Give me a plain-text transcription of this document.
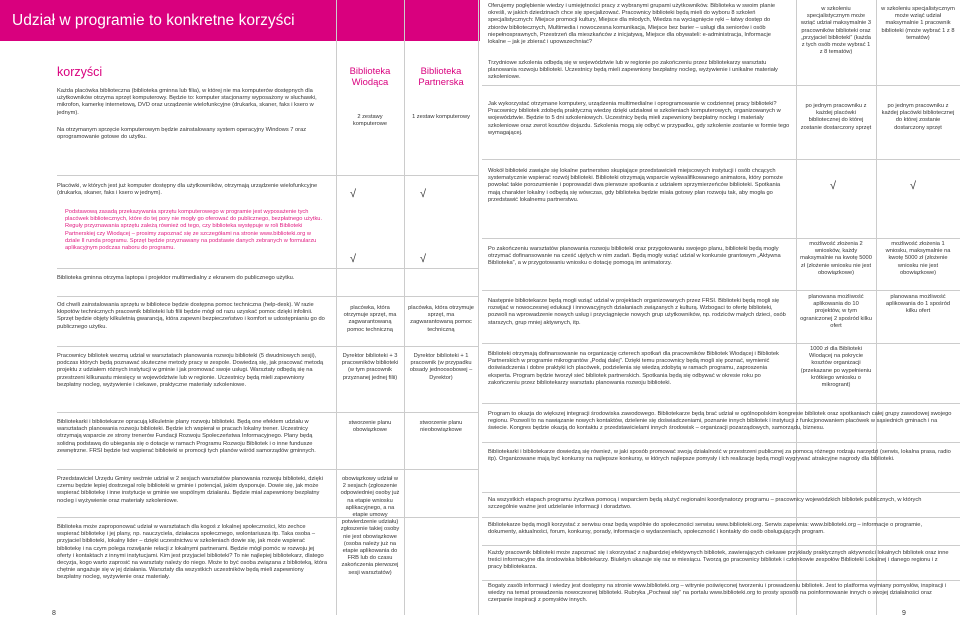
Udział w programie to konkretne korzyści
korzyści

Każda placówka biblioteczna (biblioteka gminna lub filia), w której nie ma komputerów dostępnych dla użytkowników otrzyma sprzęt komputerowy. Będzie to: komputer stacjonarny wyposażony w słuchawki, mikrofon, kamerkę internetową, DVD oraz urządzenie wielofunkcyjne (drukarka, skaner, faks i ksero w jednym).

Na otrzymanym sprzęcie komputerowym będzie zainstalowany system operacyjny Windows 7 oraz oprogramowanie gotowe do użytku.

Placówki, w których jest już komputer dostępny dla użytkowników, otrzymają urządzenie wielofunkcyjne (drukarka, skaner, faks i ksero w jednym).

Podstawową zasadą przekazywania sprzętu komputerowego w programie jest wyposażenie tych placówek bibliotecznych, które do tej pory nie mogły go oferować do publicznego, bezpłatnego użytku. Reguły przyznawania sprzętu zależą również od tego, czy biblioteka występuje w roli Biblioteki Partnerskiej czy Wiodącej – prosimy zapoznać się ze szczegółami na stronie www.biblioteki.org w dziale II runda programu. Sprzęt będzie przyznawany na podstawie danych zebranych w formularzu aplikacyjnym podczas naboru do programu.

Biblioteka gminna otrzyma laptopa i projektor multimedialny z ekranem do publicznego użytku.

Od chwili zainstalowania sprzętu w bibliotece będzie dostępna pomoc techniczna (help-desk). W razie kłopotów technicznych pracownik biblioteki lub filii będzie mógł od razu uzyskać pomoc dzięki infolinii. Sprzęt będzie objęty kilkuletnią gwarancją, która zapewni bezpieczeństwo i komfort w udostępnianiu go do publicznego użytku.

Pracownicy bibliotek wezmą udział w warsztatach planowania rozwoju biblioteki (5 dwudniowych sesji), podczas których będą poznawać skuteczne metody pracy w zespole. Dowiedzą się, jak pracować metodą projektu z udziałem różnych instytucji w gminie i jak promować swoje usługi. Warsztaty odbędą się na przestrzeni kilkunastu miesięcy w województwie lub w regionie. Uczestnicy będą mieli zapewniony bezpłatny nocleg, wyżywienie i ciekawe, praktyczne materiały szkoleniowe.

Bibliotekarki i bibliotekarze opracują kilkuletnie plany rozwoju biblioteki. Będą one efektem udziału w warsztatach planowania rozwoju biblioteki. Będzie ich wspierał w pracach lokalny trener. Uczestnicy otrzymają wsparcie ze strony trenerów Fundacji Rozwoju Społeczeństwa Informacyjnego. Plany będą solidną podstawą do ubiegania się o dotacje w ramach Programu Rozwoju Bibliotek i o inne fundusze zewnętrzne. FRSI będzie też wspierać biblioteki w promocji tych planów wśród samorządów gminnych.

Przedstawiciel Urzędu Gminy weźmie udział w 2 sesjach warsztatów planowania rozwoju biblioteki, dzięki czemu będzie lepiej dostrzegał rolę biblioteki w gminie i potencjał, jakim dysponuje. Dowie się, jak może wspierać bibliotekę i inne instytucje w gminie we wspólnym działaniu. Będzie miał zapewniony bezpłatny nocleg i wyżywienie oraz materiały szkoleniowe.

Biblioteka może zaproponować udział w warsztatach dla kogoś z lokalnej społeczności, kto zechce wspierać bibliotekę i jej plany, np. nauczyciela, działacza społecznego, wolontariusza itp. Taka osoba – przyjaciel biblioteki, lokalny lider – dzięki uczestnictwu w szkoleniach dowie się, jak może wspierać bibliotekę i na czym polega rozwijanie relacji z lokalnymi partnerami. Będzie mógł pomóc w rozwoju jej oferty i kontaktach z innymi instytucjami. Kim jest przyjaciel biblioteki? To nie najlepiej bibliotekarz, dlatego decyzja, kogo warto zaprosić na warsztaty należy do niego. Może to być osoba związana z biblioteką, która chętnie angażuje się w jej działania. Warsztaty dla wszystkich uczestników będą mieli zapewniony bezpłatny nocleg, wyżywienie oraz materiały.

Biblioteka Wiodąca
Biblioteka Partnerska

2 zestawy komputerowe

√
√

placówka, która otrzymuje sprzęt, ma zagwarantowaną pomoc techniczną

Dyrektor biblioteki + 3 pracowników biblioteki (w tym pracownik przyznanej jednej filii)

stworzenie planu obowiązkowe

obowiązkowy udział w 2 sesjach (zgłoszenie odpowiedniej osoby już na etapie wniosku aplikacyjnego, a na etapie umowy potwierdzenie udziału) zgłoszenie takiej osoby nie jest obowiązkowe (osoba należy już na etapie aplikowania do FRB lub do czasu zakończenia pierwszej sesji warsztatów)

1 zestaw komputerowy

√
√

placówka, która otrzymuje sprzęt, ma zagwarantowaną pomoc techniczną

Dyrektor biblioteki + 1 pracownik (w przypadku obsady jednoosobowej – Dyrektor)

stworzenie planu nieobowiązkowe

Oferujemy pogłębienie wiedzy i umiejętności pracy z wybranymi grupami użytkowników. Biblioteka w swoim planie określi, w jakich dziedzinach chce się specjalizować. Pracownicy biblioteki będą mieli do wyboru 8 szkoleń specjalistycznych: Miejsce promocji kultury, Miejsce dla młodych, Wiedza na wyciągnięcie ręki – łatwy dostęp do zbiorów bibliotecznych, Multimedia i nowoczesna komunikacja, Miejsce bez barier – usługi dla seniorów i osób niepełnosprawnych, Przestrzeń dla mieszkańców z inicjatywą, Miejsce dla obywateli: e-administracja, Informacje lokalne – jak je zbierać i upowszechniać?

Trzydniowe szkolenia odbędą się w województwie lub w regionie po zakończeniu przez bibliotekarzy warsztatu planowania rozwoju biblioteki. Uczestnicy będą mieli zapewniony bezpłatny nocleg, wyżywienie i unikalne materiały szkoleniowe.

Jak wykorzystać otrzymane komputery, urządzenia multimedialne i oprogramowanie w codziennej pracy biblioteki? Pracownicy bibliotek zdobędą praktyczną wiedzę dzięki udziałowi w szkoleniach komputerowych, organizowanych w województwie. Będzie to 5 dni szkoleniowych. Uczestnicy będą mieli zapewniony bezpłatny nocleg i materiały szkoleniowe oraz zwrot kosztów dojazdu. Szkolenia mogą się odbyć w przypadku, gdy szkolenie zostanie w formie tego wymagającej.

Wokół biblioteki zawiąże się lokalne partnerstwo skupiające przedstawicieli miejscowych instytucji i osób chcących systematycznie wspierać rozwój biblioteki. Biblioteki otrzymają wsparcie wykwalifikowanego animatora, który pomoże powołać takie porozumienie i poprowadzi dwa pierwsze spotkania z udziałem sprzymierzeńców biblioteki. Spotkania mają charakter lokalny i odbędą się wówczas, gdy biblioteka będzie miała gotowy plan rozwoju tak, aby mogła go przedstawić lokalnemu partnerstwu.

Po zakończeniu warsztatów planowania rozwoju biblioteki oraz przygotowaniu swojego planu, biblioteki będą mogły otrzymać dofinansowanie na cześć ujętych w nim zadań. Będą mogły wziąć udział w konkursie grantowym „Aktywna Biblioteka”, a w przygotowaniu wniosku o dotację pomogą im animatorzy.

Następnie bibliotekarze będą mogli wziąć udział w projektach organizowanych przez FRSI. Biblioteki będą mogli się rozwijać w nowoczesnej edukacji i innowacyjnych działaniach związanych z kulturą. Wzbogaci to ofertę biblioteki, pozwoli na wprowadzenie nowych usług i przyciągnięcie nowych grup użytkowników, np. rodziców małych dzieci, osób starszych, grup mniej aktywnych, itp.

Biblioteki otrzymają dofinansowanie na organizację czterech spotkań dla pracowników Bibliotek Wiodącej i Bibliotek Partnerskich w programie mikrograntów „Podaj dalej”. Dzięki temu pracownicy będą mogli się poznać, wymienić doświadczenia i dobre praktyki ich placówek, podzielenia się wiedzą zdobytą w ramach programu, zaproszenia eksperta. Program będzie tworzył sieć bibliotek partnerskich. Spotkania będą się odbywać w okresie roku po zakończeniu przez bibliotekarzy warsztatu planowania rozwoju biblioteki.

Program to okazja do większej integracji środowiska zawodowego. Bibliotekarze będą brać udział w ogólnopolskim kongresie bibliotek oraz spotkaniach całej grupy zawodowej swojego regionu. Pozwoli to na nawiązanie nowych kontaktów, dzielenie się doświadczeniami, poznanie innych bibliotek i instytucji z funkcjonowaniem placówek w sąsiednich gminach i na świecie. Kongres będzie okazją do kontaktu z przedstawicielami innych środowisk – organizacji pozarządowych, samorządu, biznesu.

Bibliotekarki i bibliotekarze dowiedzą się również, w jaki sposób promować swoją działalność w przestrzeni publicznej za pomocą różnego rodzaju narzędzi (serwis, lokalna prasa, radio itp). Organizowane mają być konkursy na najlepsze konkursy, w których najlepsze pomysły i ich realizację będą mogli wygrywać atrakcyjne nagrody dla biblioteki.

Na wszystkich etapach programu życzliwa pomocą i wsparciem będą służyć regionalni koordynatorzy programu – pracownicy wojewódzkich bibliotek publicznych, w których szczególnie ważne jest udzielanie informacji i doradztwo.

Bibliotekarze będą mogli korzystać z serwisu oraz będą wspólnie do społeczności serwisu www.biblioteki.org. Serwis zapewnia: www.biblioteki.org – informacje o programie, dokumenty, aktualności, forum, konkursy, porady, informacje o wydarzeniach, społeczność i kontakty do osób obsługujących program.

Każdy pracownik biblioteki może zapoznać się i skorzystać z najbardziej efektywnych bibliotek, zawierających ciekawe przykłady praktycznych aktywności lokalnych bibliotek oraz inne treści informacyjne dla środowiska bibliotekarzy. Biuletyn ukazuje się raz w miesiącu. Tworzą go pracownicy bibliotek i członkowie zespołów Biblioteki Lokalnej i danego regionu i z pracy bibliotekarza.

Bogaty zasób informacji i wiedzy jest dostępny na stronie www.biblioteki.org – witrynie poświęconej tworzeniu i prowadzeniu bibliotek. Jest to platforma wymiany pomysłów, inspiracji i wiedzy na temat prowadzenia nowoczesnej biblioteki. Rubryka „Pochwal się” na portalu www.biblioteki.org to prosty sposób na poinformowanie innych o swojej działalności oraz czerpanie inspiracji z pomysłów innych.

w szkoleniu specjalistycznym może wziąć udział maksymalnie 3 pracowników biblioteki oraz „przyjaciel biblioteki” (każda z tych osób może wybrać 1 z 8 tematów)

w szkoleniu specjalistycznym może wziąć udział maksymalnie 1 pracownik biblioteki (może wybrać 1 z 8 tematów)

po jednym pracowniku z każdej placówki bibliotecznej do której zostanie dostarczony sprzęt

po jednym pracowniku z każdej placówki bibliotecznej do której zostanie dostarczony sprzęt

√	√

możliwość złożenia 2 wniosków, każdy maksymalnie na kwotę 5000 zł (złożenie wniosku nie jest obowiązkowe)

możliwość złożenia 1 wniosku, maksymalnie na kwotę 5000 zł (złożenie wniosku nie jest obowiązkowe)

planowana możliwość aplikowania do 10 projektów, w tym ograniczonej 2 spośród kilku ofert

planowana możliwość aplikowania do 1 spośród kilku ofert

1000 zł dla Biblioteki Wiodącej na pokrycie kosztów organizacji (przekazane po wypełnieniu krótkiego wniosku o mikrogrant)

8	9
